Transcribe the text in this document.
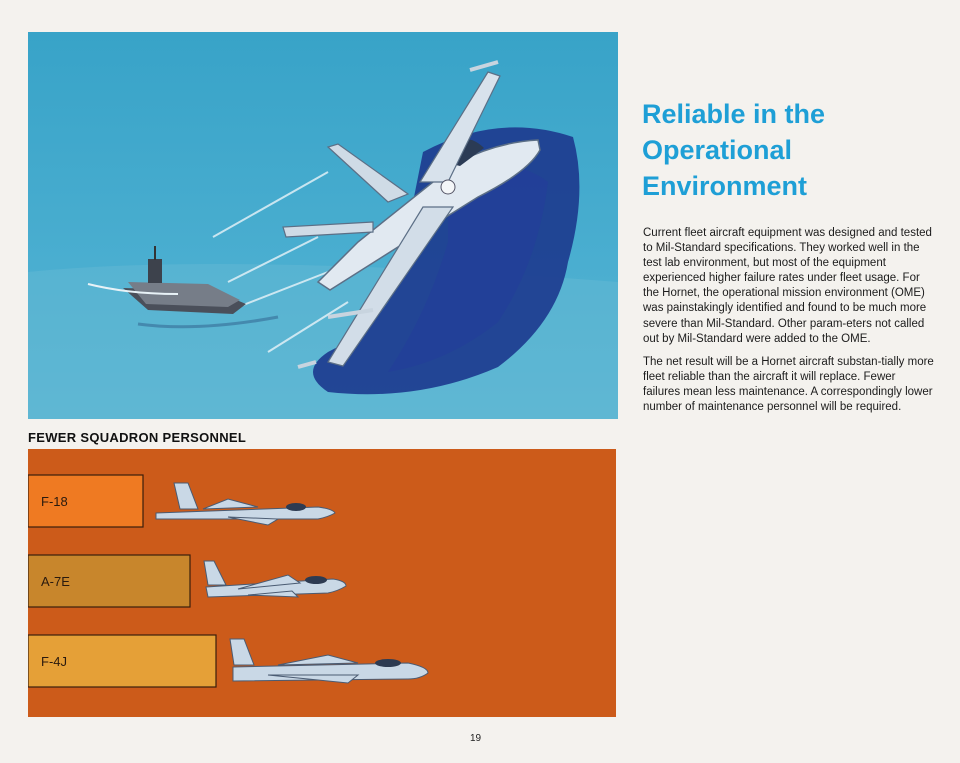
FEWER SQUADRON PERSONNEL
F-18
A-7E
F-4J
Reliable in the
Operational
Environment

Current fleet aircraft equipment was designed and tested to Mil-Standard specifications. They worked well in the test lab environment, but most of the equipment experienced higher failure rates under fleet usage. For the Hornet, the operational mission environment (OME) was painstakingly identified and found to be much more severe than Mil-Standard. Other param-eters not called out by Mil-Standard were added to the OME.

The net result will be a Hornet aircraft substan-tially more fleet reliable than the aircraft it will replace. Fewer failures mean less maintenance. A correspondingly lower number of maintenance personnel will be required.

19
